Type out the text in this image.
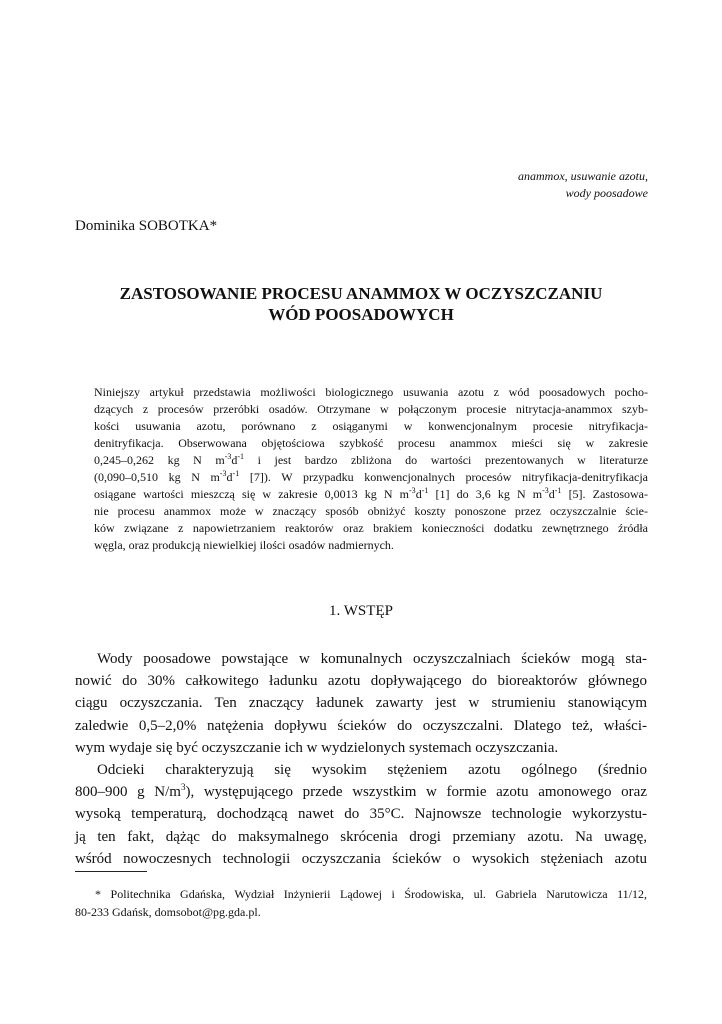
anammox, usuwanie azotu,
wody poosadowe
Dominika SOBOTKA*
ZASTOSOWANIE PROCESU ANAMMOX W OCZYSZCZANIU
WÓD POOSADOWYCH
Niniejszy artykuł przedstawia możliwości biologicznego usuwania azotu z wód poosadowych pocho-
dzących z procesów przeróbki osadów. Otrzymane w połączonym procesie nitrytacja-anammox szyb-
kości usuwania azotu, porównano z osiąganymi w konwencjonalnym procesie nitryfikacja-
denitryfikacja. Obserwowana objętościowa szybkość procesu anammox mieści się w zakresie
0,245–0,262 kg N $m^{-3}d^{-1}$ i jest bardzo zbliżona do wartości prezentowanych w literaturze
(0,090–0,510 kg N $m^{-3}d^{-1}$ [7]). W przypadku konwencjonalnych procesów nitryfikacja-denitryfikacja
osiągane wartości mieszczą się w zakresie 0,0013 kg N $m^{-3}d^{-1}$ [1] do 3,6 kg N $m^{-3}d^{-1}$ [5]. Zastosowa-
nie procesu anammox może w znaczący sposób obniżyć koszty ponoszone przez oczyszczalnie ście-
ków związane z napowietrzaniem reaktorów oraz brakiem konieczności dodatku zewnętrznego źródła
węgla, oraz produkcją niewielkiej ilości osadów nadmiernych.
1. WSTĘP
Wody poosadowe powstające w komunalnych oczyszczalniach ścieków mogą sta-
nowić do 30% całkowitego ładunku azotu dopływającego do bioreaktorów głównego
ciągu oczyszczania. Ten znaczący ładunek zawarty jest w strumieniu stanowiącym
zaledwie 0,5–2,0% natężenia dopływu ścieków do oczyszczalni. Dlatego też, właści-
wym wydaje się być oczyszczanie ich w wydzielonych systemach oczyszczania.
Odcieki charakteryzują się wysokim stężeniem azotu ogólnego (średnio
800–900 g $N/m^3$), występującego przede wszystkim w formie azotu amonowego oraz
wysoką temperaturą, dochodzącą nawet do 35°C. Najnowsze technologie wykorzystu-
ją ten fakt, dążąc do maksymalnego skrócenia drogi przemiany azotu. Na uwagę,
wśród nowoczesnych technologii oczyszczania ścieków o wysokich stężeniach azotu
* Politechnika Gdańska, Wydział Inżynierii Lądowej i Środowiska, ul. Gabriela Narutowicza 11/12,
80-233 Gdańsk, domsobot@pg.gda.pl.
